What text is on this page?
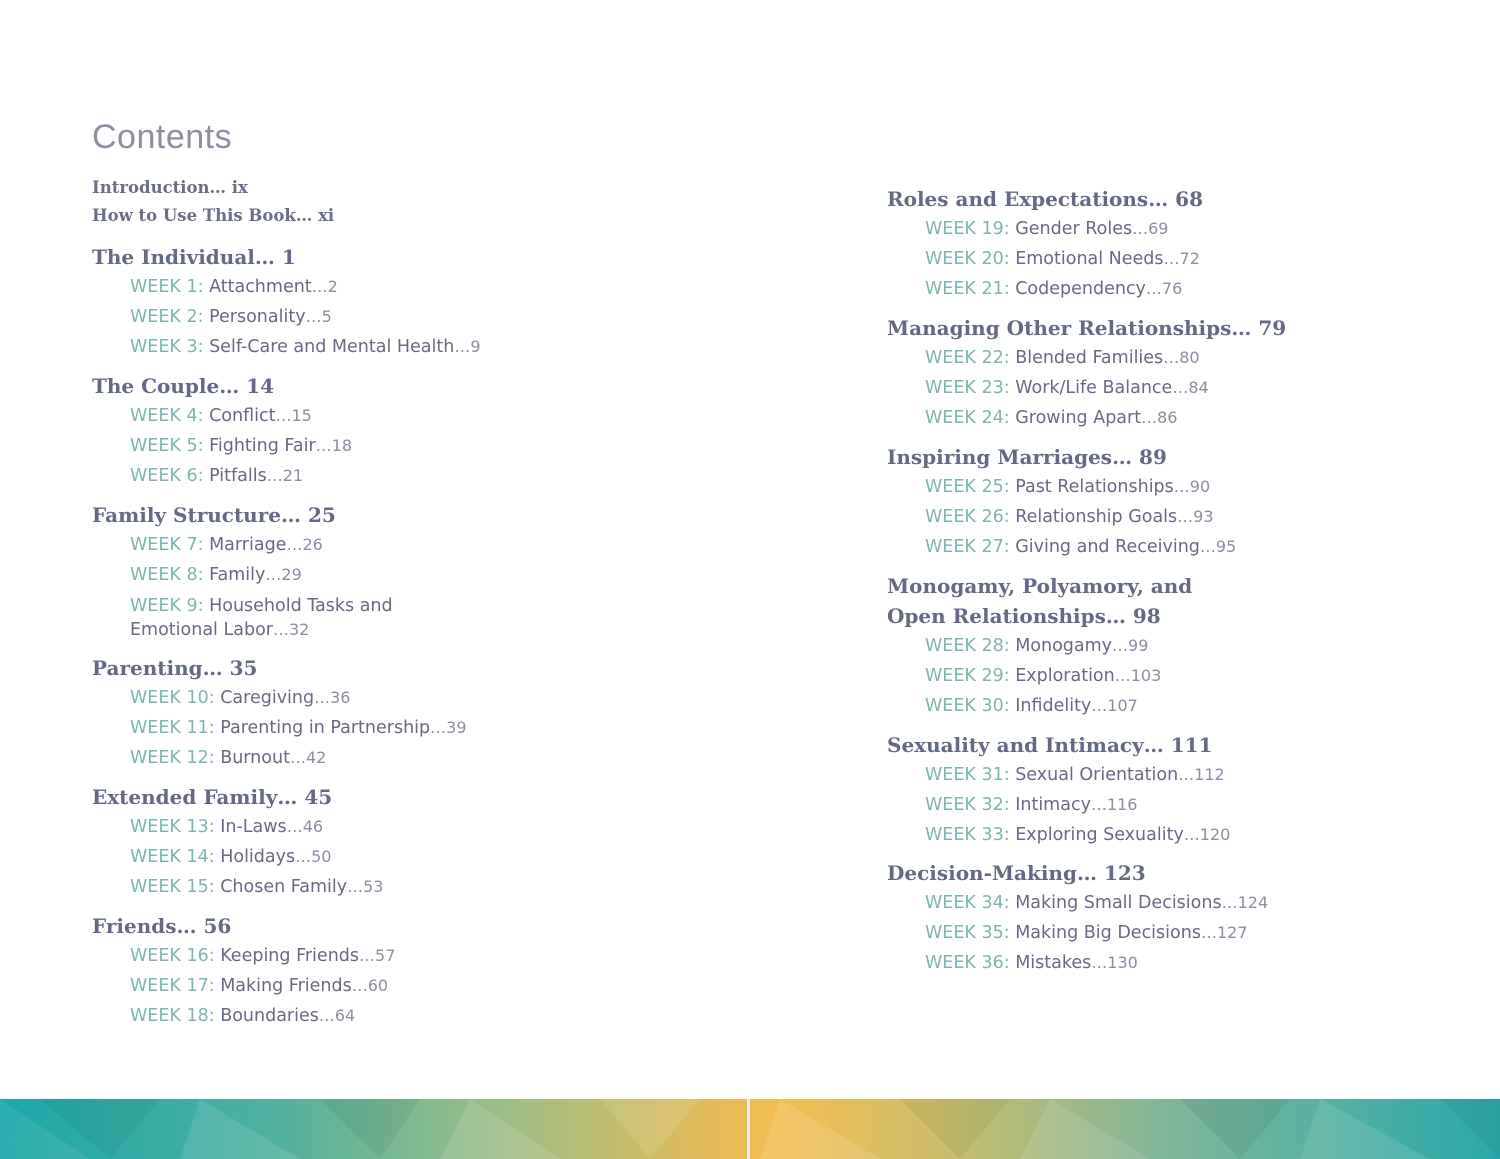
Contents
Introduction… ix
How to Use This Book… xi
The Individual… 1
WEEK 1: Attachment…2
WEEK 2: Personality…5
WEEK 3: Self-Care and Mental Health…9
The Couple… 14
WEEK 4: Conflict…15
WEEK 5: Fighting Fair…18
WEEK 6: Pitfalls…21
Family Structure… 25
WEEK 7: Marriage…26
WEEK 8: Family…29
WEEK 9: Household Tasks and Emotional Labor…32
Parenting… 35
WEEK 10: Caregiving…36
WEEK 11: Parenting in Partnership…39
WEEK 12: Burnout…42
Extended Family… 45
WEEK 13: In-Laws…46
WEEK 14: Holidays…50
WEEK 15: Chosen Family…53
Friends… 56
WEEK 16: Keeping Friends…57
WEEK 17: Making Friends…60
WEEK 18: Boundaries…64
Roles and Expectations… 68
WEEK 19: Gender Roles…69
WEEK 20: Emotional Needs…72
WEEK 21: Codependency…76
Managing Other Relationships… 79
WEEK 22: Blended Families…80
WEEK 23: Work/Life Balance…84
WEEK 24: Growing Apart…86
Inspiring Marriages… 89
WEEK 25: Past Relationships…90
WEEK 26: Relationship Goals…93
WEEK 27: Giving and Receiving…95
Monogamy, Polyamory, and Open Relationships… 98
WEEK 28: Monogamy…99
WEEK 29: Exploration…103
WEEK 30: Infidelity…107
Sexuality and Intimacy… 111
WEEK 31: Sexual Orientation…112
WEEK 32: Intimacy…116
WEEK 33: Exploring Sexuality…120
Decision-Making… 123
WEEK 34: Making Small Decisions…124
WEEK 35: Making Big Decisions…127
WEEK 36: Mistakes…130
